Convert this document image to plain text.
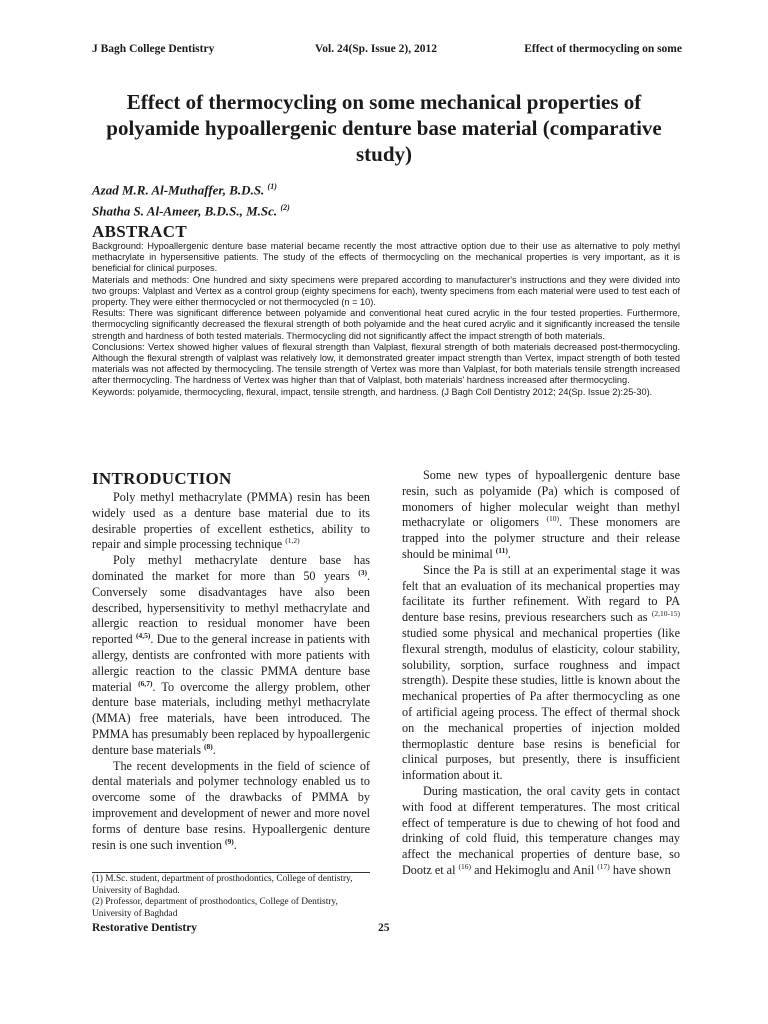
J Bagh College Dentistry	Vol. 24(Sp. Issue 2), 2012	Effect of thermocycling on some
Effect of thermocycling on some mechanical properties of polyamide hypoallergenic denture base material (comparative study)
Azad M.R. Al-Muthaffer, B.D.S. $^{(1)}$
Shatha S. Al-Ameer, B.D.S., M.Sc. $^{(2)}$
ABSTRACT

Background: Hypoallergenic denture base material became recently the most attractive option due to their use as alternative to poly methyl methacrylate in hypersensitive patients. The study of the effects of thermocycling on the mechanical properties is very important, as it is beneficial for clinical purposes.

Materials and methods: One hundred and sixty specimens were prepared according to manufacturer's instructions and they were divided into two groups: Valplast and Vertex as a control group (eighty specimens for each), twenty specimens from each material were used to test each of property. They were either thermocycled or not thermocycled (n = 10).

Results: There was significant difference between polyamide and conventional heat cured acrylic in the four tested properties. Furthermore, thermocycling significantly decreased the flexural strength of both polyamide and the heat cured acrylic and it significantly increased the tensile strength and hardness of both tested materials. Thermocycling did not significantly affect the impact strength of both materials.

Conclusions: Vertex showed higher values of flexural strength than Valplast, flexural strength of both materials decreased post-thermocycling. Although the flexural strength of valplast was relatively low, it demonstrated greater impact strength than Vertex, impact strength of both tested materials was not affected by thermocycling. The tensile strength of Vertex was more than Valplast, for both materials tensile strength increased after thermocycling. The hardness of Vertex was higher than that of Valplast, both materials' hardness increased after thermocycling.

Keywords: polyamide, thermocycling, flexural, impact, tensile strength, and hardness. (J Bagh Coll Dentistry 2012; 24(Sp. Issue 2):25-30).

INTRODUCTION

Poly methyl methacrylate (PMMA) resin has been widely used as a denture base material due to its desirable properties of excellent esthetics, ability to repair and simple processing technique $^{(1,2)}$

Poly methyl methacrylate denture base has dominated the market for more than 50 years $^{(3)}$. Conversely some disadvantages have also been described, hypersensitivity to methyl methacrylate and allergic reaction to residual monomer have been reported $^{(4,5)}$. Due to the general increase in patients with allergy, dentists are confronted with more patients with allergic reaction to the classic PMMA denture base material $^{(6,7)}$. To overcome the allergy problem, other denture base materials, including methyl methacrylate (MMA) free materials, have been introduced. The PMMA has presumably been replaced by hypoallergenic denture base materials $^{(8)}$.

The recent developments in the field of science of dental materials and polymer technology enabled us to overcome some of the drawbacks of PMMA by improvement and development of newer and more novel forms of denture base resins. Hypoallergenic denture resin is one such invention $^{(9)}$.

(1) M.Sc. student, department of prosthodontics, College of dentistry, University of Baghdad.

(2) Professor, department of prosthodontics, College of Dentistry, University of Baghdad

Some new types of hypoallergenic denture base resin, such as polyamide (Pa) which is composed of monomers of higher molecular weight than methyl methacrylate or oligomers $^{(10)}$. These monomers are trapped into the polymer structure and their release should be minimal $^{(11)}$.

Since the Pa is still at an experimental stage it was felt that an evaluation of its mechanical properties may facilitate its further refinement. With regard to PA denture base resins, previous researchers such as $^{(2,10-15)}$ studied some physical and mechanical properties (like flexural strength, modulus of elasticity, colour stability, solubility, sorption, surface roughness and impact strength). Despite these studies, little is known about the mechanical properties of Pa after thermocycling as one of artificial ageing process. The effect of thermal shock on the mechanical properties of injection molded thermoplastic denture base resins is beneficial for clinical purposes, but presently, there is insufficient information about it.

During mastication, the oral cavity gets in contact with food at different temperatures. The most critical effect of temperature is due to chewing of hot food and drinking of cold fluid, this temperature changes may affect the mechanical properties of denture base, so Dootz et al $^{(16)}$ and Hekimoglu and Anil $^{(17)}$ have shown

Restorative Dentistry	25
